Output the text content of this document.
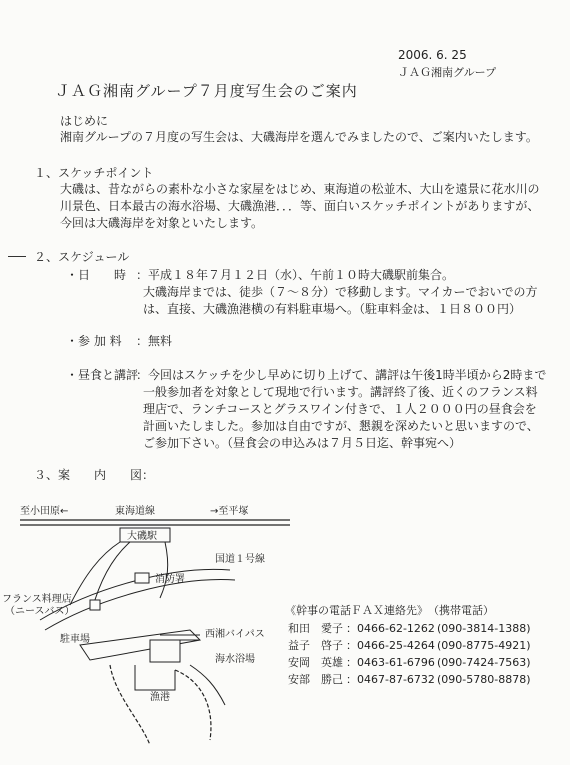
2006. 6. 25
ＪＡＧ湘南グループ
ＪＡＧ湘南グループ７月度写生会のご案内
はじめに
湘南グループの７月度の写生会は、大磯海岸を選んでみましたので、ご案内いたします。
１、スケッチポイント
大磯は、昔ながらの素朴な小さな家屋をはじめ、東海道の松並木、大山を遠景に花水川の
川景色、日本最古の海水浴場、大磯漁港．．．等、面白いスケッチポイントがありますが、
今回は大磯海岸を対象といたします。
２、スケジュール
・日　　時 ：平成１８年７月１２日（水）、午前１０時大磯駅前集合。
大磯海岸までは、徒歩（７～８分）で移動します。マイカーでおいでの方
は、直接、大磯漁港横の有料駐車場へ。（駐車料金は、１日８００円）
・参 加 料 ：無料
・昼食と講評
：今回はスケッチを少し早めに切り上げて、講評は午後1時半頃から2時まで
一般参加者を対象として現地で行います。講評終了後、近くのフランス料
理店で、ランチコースとグラスワイン付きで、１人２０００円の昼食会を
計画いたしました。参加は自由ですが、懇親を深めたいと思いますので、
ご参加下さい。（昼食会の申込みは７月５日迄、幹事宛へ）
３、案　　内　　図：
至小田原←	東海道線	→至平塚
大磯駅
国道１号線
消防署
フランス料理店
（ニースバス）
駐車場	西湘バイパス
海水浴場
漁港
《幹事の電話ＦＡＸ連絡先》　（携帯電話）
和田　愛子 ：0466-62-1262 (090-3814-1388)
益子　啓子 ：0466-25-4264 (090-8775-4921)
安岡　英雄 ：0463-61-6796 (090-7424-7563)
安部　勝己 ：0467-87-6732 (090-5780-8878)
